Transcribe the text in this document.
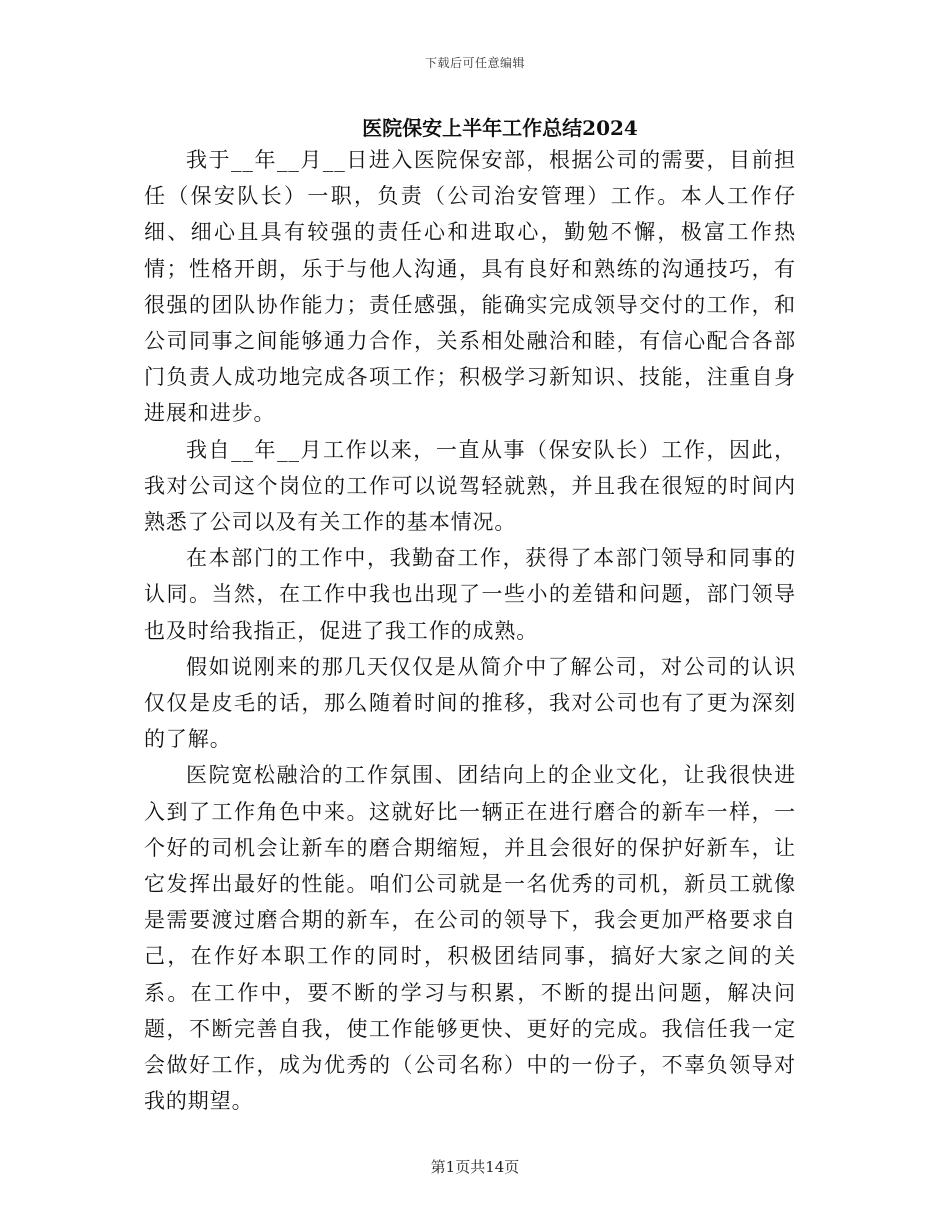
下载后可任意编辑
医院保安上半年工作总结2024

我于__年__月__日进入医院保安部，根据公司的需要，目前担任（保安队长）一职，负责（公司治安管理）工作。本人工作仔细、细心且具有较强的责任心和进取心，勤勉不懈，极富工作热情；性格开朗，乐于与他人沟通，具有良好和熟练的沟通技巧，有很强的团队协作能力；责任感强，能确实完成领导交付的工作，和公司同事之间能够通力合作，关系相处融洽和睦，有信心配合各部门负责人成功地完成各项工作；积极学习新知识、技能，注重自身进展和进步。

我自__年__月工作以来，一直从事（保安队长）工作，因此，我对公司这个岗位的工作可以说驾轻就熟，并且我在很短的时间内熟悉了公司以及有关工作的基本情况。

在本部门的工作中，我勤奋工作，获得了本部门领导和同事的认同。当然，在工作中我也出现了一些小的差错和问题，部门领导也及时给我指正，促进了我工作的成熟。

假如说刚来的那几天仅仅是从简介中了解公司，对公司的认识仅仅是皮毛的话，那么随着时间的推移，我对公司也有了更为深刻的了解。

医院宽松融洽的工作氛围、团结向上的企业文化，让我很快进入到了工作角色中来。这就好比一辆正在进行磨合的新车一样，一个好的司机会让新车的磨合期缩短，并且会很好的保护好新车，让它发挥出最好的性能。咱们公司就是一名优秀的司机，新员工就像是需要渡过磨合期的新车，在公司的领导下，我会更加严格要求自己，在作好本职工作的同时，积极团结同事，搞好大家之间的关系。在工作中，要不断的学习与积累，不断的提出问题，解决问题，不断完善自我，使工作能够更快、更好的完成。我信任我一定会做好工作，成为优秀的（公司名称）中的一份子，不辜负领导对我的期望。

第1页共14页
